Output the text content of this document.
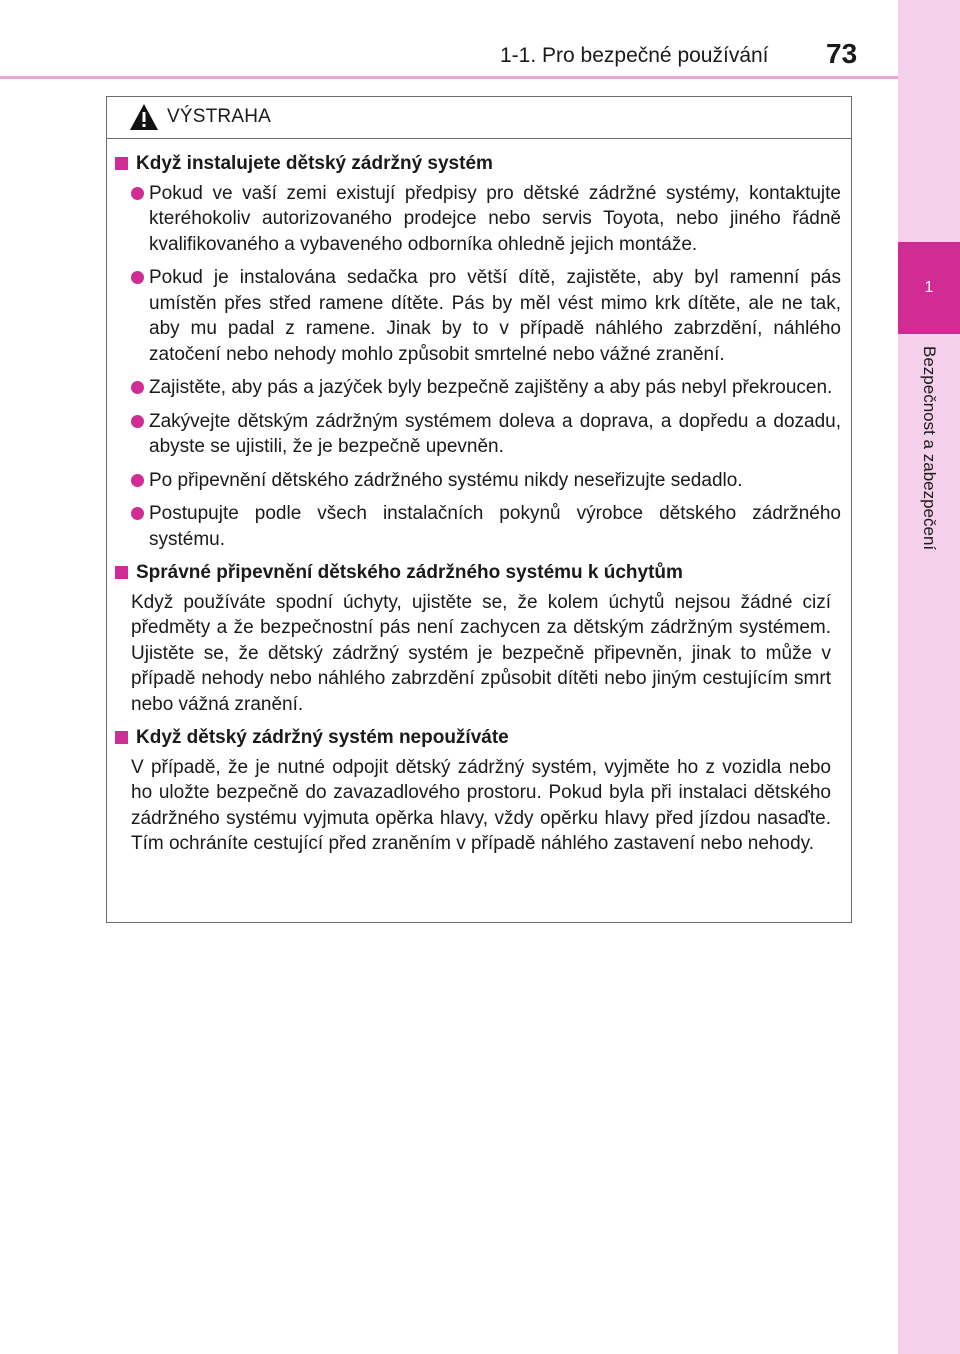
1-1. Pro bezpečné používání 73
1
Bezpečnost a zabezpečení
VÝSTRAHA
Když instalujete dětský zádržný systém
Pokud ve vaší zemi existují předpisy pro dětské zádržné systémy, kontaktujte kteréhokoliv autorizovaného prodejce nebo servis Toyota, nebo jiného řádně kvalifikovaného a vybaveného odborníka ohledně jejich montáže.
Pokud je instalována sedačka pro větší dítě, zajistěte, aby byl ramenní pás umístěn přes střed ramene dítěte. Pás by měl vést mimo krk dítěte, ale ne tak, aby mu padal z ramene. Jinak by to v případě náhlého zabrzdění, náhlého zatočení nebo nehody mohlo způsobit smrtelné nebo vážné zranění.
Zajistěte, aby pás a jazýček byly bezpečně zajištěny a aby pás nebyl překroucen.
Zakývejte dětským zádržným systémem doleva a doprava, a dopředu a dozadu, abyste se ujistili, že je bezpečně upevněn.
Po připevnění dětského zádržného systému nikdy neseřizujte sedadlo.
Postupujte podle všech instalačních pokynů výrobce dětského zádržného systému.
Správné připevnění dětského zádržného systému k úchytům
Když používáte spodní úchyty, ujistěte se, že kolem úchytů nejsou žádné cizí předměty a že bezpečnostní pás není zachycen za dětským zádržným systémem. Ujistěte se, že dětský zádržný systém je bezpečně připevněn, jinak to může v případě nehody nebo náhlého zabrzdění způsobit dítěti nebo jiným cestujícím smrt nebo vážná zranění.
Když dětský zádržný systém nepoužíváte
V případě, že je nutné odpojit dětský zádržný systém, vyjměte ho z vozidla nebo ho uložte bezpečně do zavazadlového prostoru. Pokud byla při instalaci dětského zádržného systému vyjmuta opěrka hlavy, vždy opěrku hlavy před jízdou nasaďte. Tím ochráníte cestující před zraněním v případě náhlého zastavení nebo nehody.
